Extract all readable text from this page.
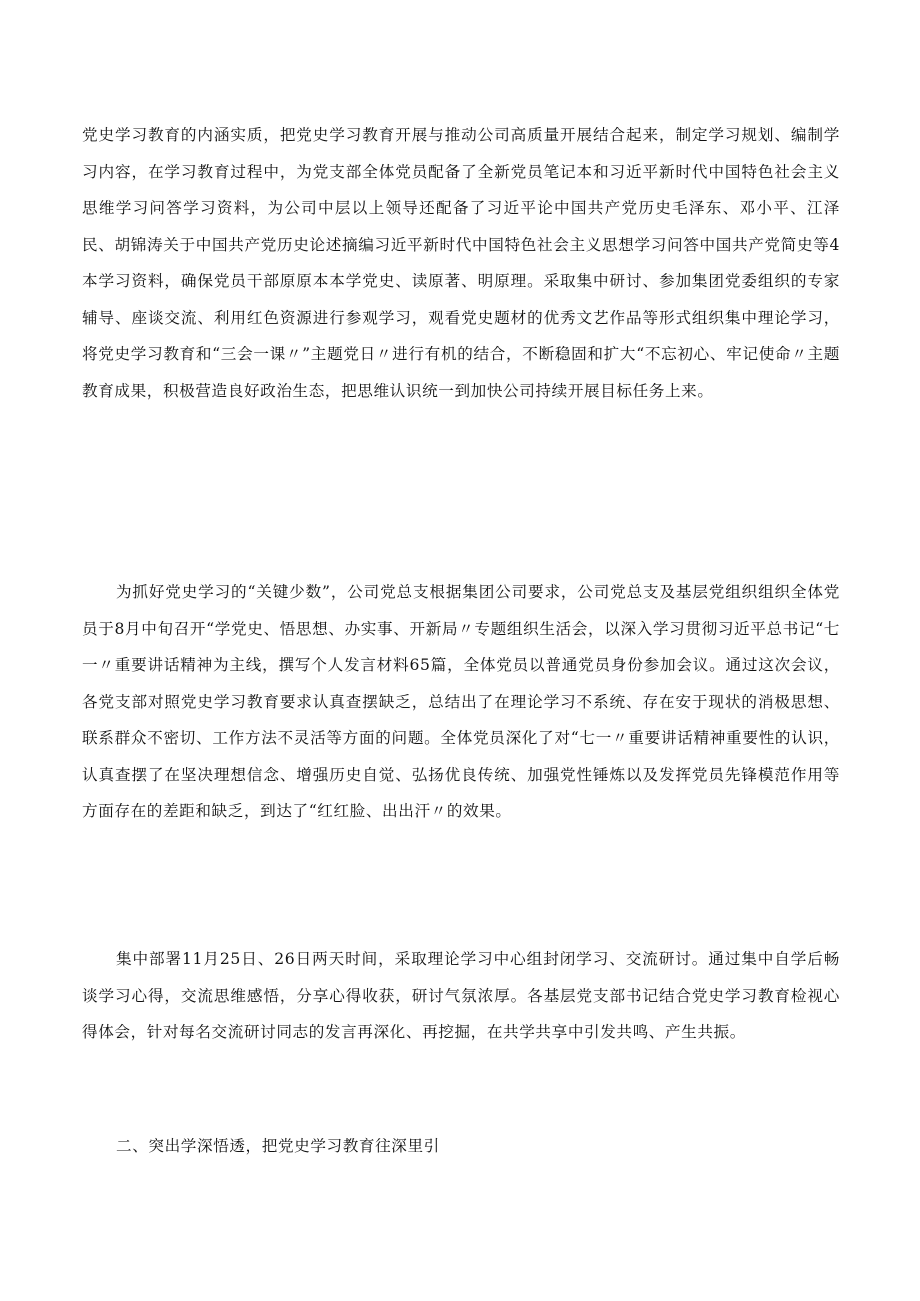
党史学习教育的内涵实质，把党史学习教育开展与推动公司高质量开展结合起来，制定学习规划、编制学习内容，在学习教育过程中，为党支部全体党员配备了全新党员笔记本和习近平新时代中国特色社会主义思维学习问答学习资料，为公司中层以上领导还配备了习近平论中国共产党历史毛泽东、邓小平、江泽民、胡锦涛关于中国共产党历史论述摘编习近平新时代中国特色社会主义思想学习问答中国共产党简史等4本学习资料，确保党员干部原原本本学党史、读原著、明原理。采取集中研讨、参加集团党委组织的专家辅导、座谈交流、利用红色资源进行参观学习，观看党史题材的优秀文艺作品等形式组织集中理论学习，将党史学习教育和“三会一课〃”主题党日〃进行有机的结合，不断稳固和扩大“不忘初心、牢记使命〃主题教育成果，积极营造良好政治生态，把思维认识统一到加快公司持续开展目标任务上来。

为抓好党史学习的“关键少数”，公司党总支根据集团公司要求，公司党总支及基层党组织组织全体党员于8月中旬召开“学党史、悟思想、办实事、开新局〃专题组织生活会，以深入学习贯彻习近平总书记“七一〃重要讲话精神为主线，撰写个人发言材料65篇，全体党员以普通党员身份参加会议。通过这次会议，各党支部对照党史学习教育要求认真查摆缺乏，总结出了在理论学习不系统、存在安于现状的消极思想、联系群众不密切、工作方法不灵活等方面的问题。全体党员深化了对“七一〃重要讲话精神重要性的认识，认真查摆了在坚决理想信念、增强历史自觉、弘扬优良传统、加强党性锤炼以及发挥党员先锋模范作用等方面存在的差距和缺乏，到达了“红红脸、出出汗〃的效果。

集中部署11月25日、26日两天时间，采取理论学习中心组封闭学习、交流研讨。通过集中自学后畅谈学习心得，交流思维感悟，分享心得收获，研讨气氛浓厚。各基层党支部书记结合党史学习教育检视心得体会，针对每名交流研讨同志的发言再深化、再挖掘，在共学共享中引发共鸣、产生共振。

二、突出学深悟透，把党史学习教育往深里引
